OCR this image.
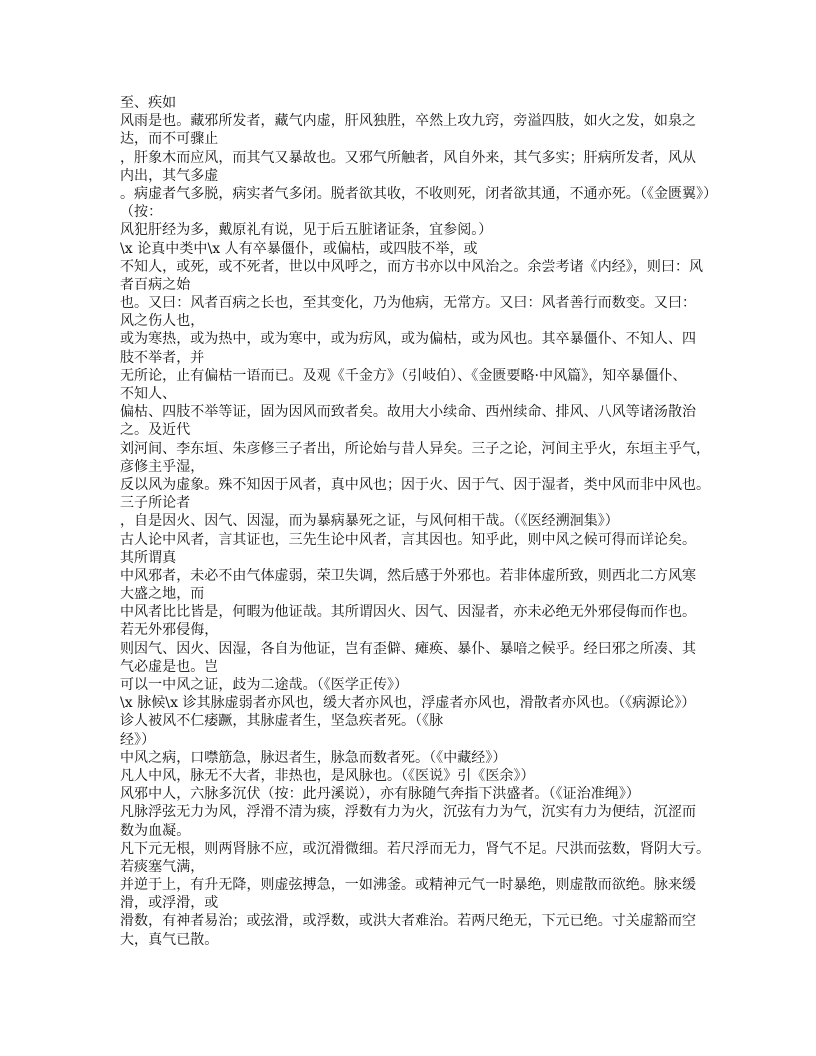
至、疾如
风雨是也。藏邪所发者，藏气内虚，肝风独胜，卒然上攻九窍，旁溢四肢，如火之发，如泉之
达，而不可骤止
，肝象木而应风，而其气又暴故也。又邪气所触者，风自外来，其气多实；肝病所发者，风从
内出，其气多虚
。病虚者气多脱，病实者气多闭。脱者欲其收，不收则死，闭者欲其通，不通亦死。（《金匮翼》）
（按：
风犯肝经为多，戴原礼有说，见于后五脏诸证条，宜参阅。）
\x 论真中类中\x 人有卒暴僵仆，或偏枯，或四肢不举，或
不知人，或死，或不死者，世以中风呼之，而方书亦以中风治之。余尝考诸《内经》，则曰：风
者百病之始
也。又曰：风者百病之长也，至其变化，乃为他病，无常方。又曰：风者善行而数变。又曰：
风之伤人也，
或为寒热，或为热中，或为寒中，或为疠风，或为偏枯，或为风也。其卒暴僵仆、不知人、四
肢不举者，并
无所论，止有偏枯一语而已。及观《千金方》（引岐伯）、《金匮要略·中风篇》，知卒暴僵仆、
不知人、
偏枯、四肢不举等证，固为因风而致者矣。故用大小续命、西州续命、排风、八风等诸汤散治
之。及近代
刘河间、李东垣、朱彦修三子者出，所论始与昔人异矣。三子之论，河间主乎火，东垣主乎气，
彦修主乎湿，
反以风为虚象。殊不知因于风者，真中风也；因于火、因于气、因于湿者，类中风而非中风也。
三子所论者
，自是因火、因气、因湿，而为暴病暴死之证，与风何相干哉。（《医经溯洄集》）
古人论中风者，言其证也，三先生论中风者，言其因也。知乎此，则中风之候可得而详论矣。
其所谓真
中风邪者，未必不由气体虚弱，荣卫失调，然后感于外邪也。若非体虚所致，则西北二方风寒
大盛之地，而
中风者比比皆是，何暇为他证哉。其所谓因火、因气、因湿者，亦未必绝无外邪侵侮而作也。
若无外邪侵侮，
则因气、因火、因湿，各自为他证，岂有歪僻、瘫痪、暴仆、暴喑之候乎。经曰邪之所凑、其
气必虚是也。岂
可以一中风之证，歧为二途哉。（《医学正传》）
\x 脉候\x 诊其脉虚弱者亦风也，缓大者亦风也，浮虚者亦风也，滑散者亦风也。（《病源论》）
诊人被风不仁痿蹶，其脉虚者生，坚急疾者死。（《脉
经》）
中风之病，口噤筋急，脉迟者生，脉急而数者死。（《中藏经》）
凡人中风，脉无不大者，非热也，是风脉也。（《医说》引《医余》）
风邪中人，六脉多沉伏（按：此丹溪说），亦有脉随气奔指下洪盛者。（《证治准绳》）
凡脉浮弦无力为风，浮滑不清为痰，浮数有力为火，沉弦有力为气，沉实有力为便结，沉涩而
数为血凝。
凡下元无根，则两肾脉不应，或沉滑微细。若尺浮而无力，肾气不足。尺洪而弦数，肾阴大亏。
若痰塞气满，
并逆于上，有升无降，则虚弦搏急，一如沸釜。或精神元气一时暴绝，则虚散而欲绝。脉来缓
滑，或浮滑，或
滑数，有神者易治；或弦滑，或浮数，或洪大者难治。若两尺绝无，下元已绝。寸关虚豁而空
大，真气已散。
